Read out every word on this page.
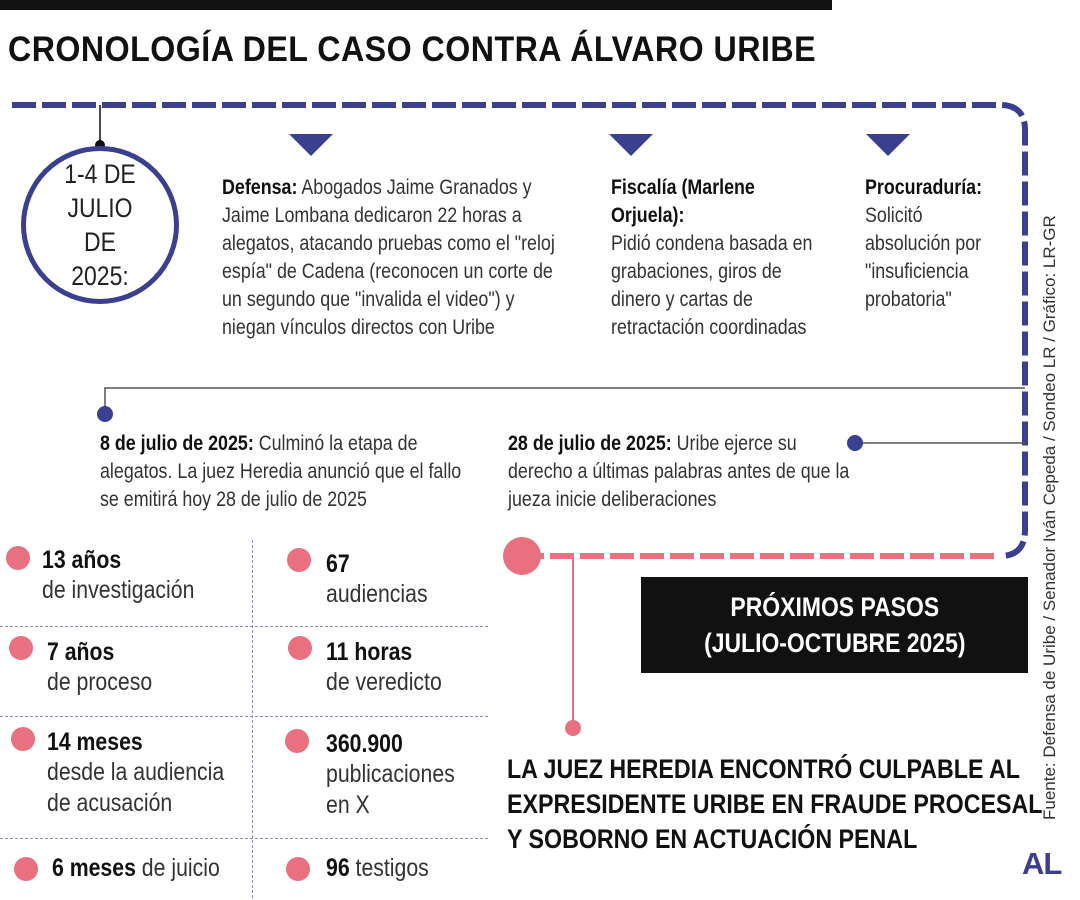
CRONOLOGÍA DEL CASO CONTRA ÁLVARO URIBE
1-4 DE
JULIO DE
2025:
Defensa: Abogados Jaime Granados y
Jaime Lombana dedicaron 22 horas a
alegatos, atacando pruebas como el "reloj
espía" de Cadena (reconocen un corte de
un segundo que "invalida el video") y
niegan vínculos directos con Uribe
Fiscalía (Marlene
Orjuela):
Pidió condena basada en
grabaciones, giros de
dinero y cartas de
retractación coordinadas
Procuraduría:
Solicitó
absolución por
"insuficiencia
probatoria"
8 de julio de 2025: Culminó la etapa de
alegatos. La juez Heredia anunció que el fallo
se emitirá hoy 28 de julio de 2025
28 de julio de 2025: Uribe ejerce su
derecho a últimas palabras antes de que la
jueza inicie deliberaciones
13 años
de investigación
67
audiencias
7 años
de proceso
11 horas
de veredicto
14 meses
desde la audiencia
de acusación
360.900
publicaciones
en X
6 meses de juicio	96 testigos
PRÓXIMOS PASOS
(JULIO-OCTUBRE 2025)
LA JUEZ HEREDIA ENCONTRÓ CULPABLE AL
EXPRESIDENTE URIBE EN FRAUDE PROCESAL
Y SOBORNO EN ACTUACIÓN PENAL
Fuente: Defensa de Uribe / Senador Iván Cepeda / Sondeo LR / Gráfico: LR-GR
AL
